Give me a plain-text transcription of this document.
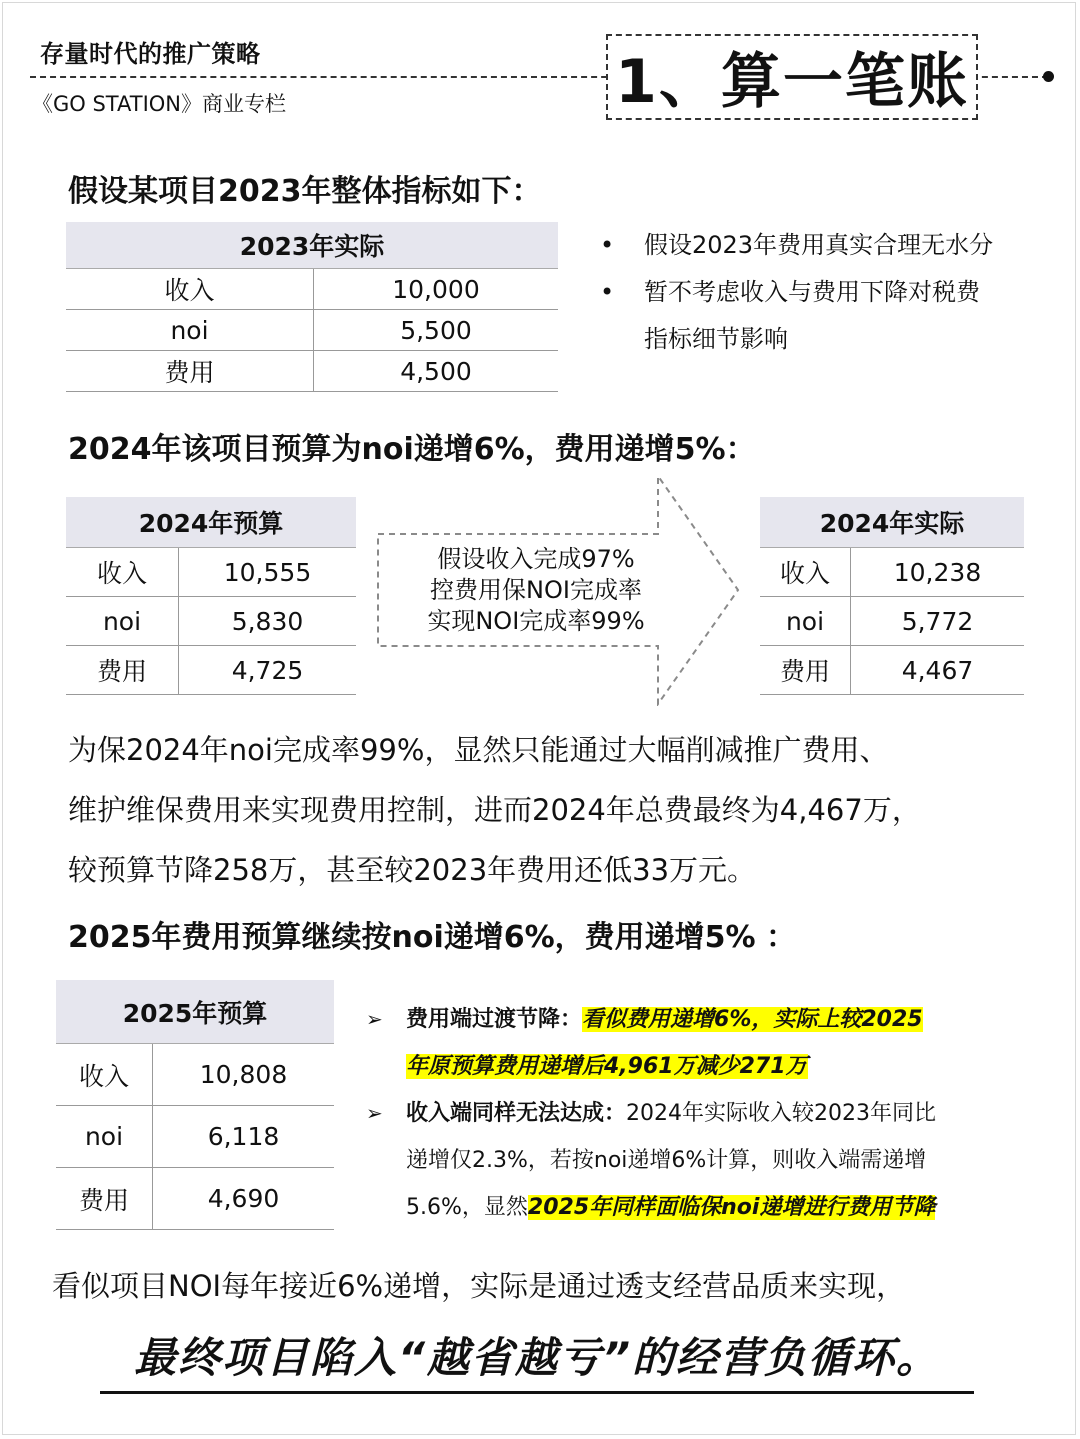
存量时代的推广策略
《GO STATION》商业专栏	1、算一笔账
假设某项目2023年整体指标如下：
2023年实际	
收入	10,000
noi	5,500
费用	4,500
•	假设2023年费用真实合理无水分
•	暂不考虑收入与费用下降对税费
指标细节影响
2024年该项目预算为noi递增6%，费用递增5%：
2024年预算	
收入	10,555
noi	5,830
费用	4,725
假设收入完成97%
控费用保NOI完成率
实现NOI完成率99%
2024年实际	
收入	10,238
noi	5,772
费用	4,467
为保2024年noi完成率99%，显然只能通过大幅削减推广费用、
维护维保费用来实现费用控制，进而2024年总费最终为4,467万，
较预算节降258万，甚至较2023年费用还低33万元。
2025年费用预算继续按noi递增6%，费用递增5% ：
2025年预算	
收入	10,808
noi	6,118
费用	4,690
➢	费用端过渡节降：看似费用递增6%，实际上较2025
年原预算费用递增后4,961万减少271万
➢	收入端同样无法达成：2024年实际收入较2023年同比
递增仅2.3%，若按noi递增6%计算，则收入端需递增
5.6%，显然2025年同样面临保noi递增进行费用节降
看似项目NOI每年接近6%递增，实际是通过透支经营品质来实现，
最终项目陷入“越省越亏”的经营负循环。
